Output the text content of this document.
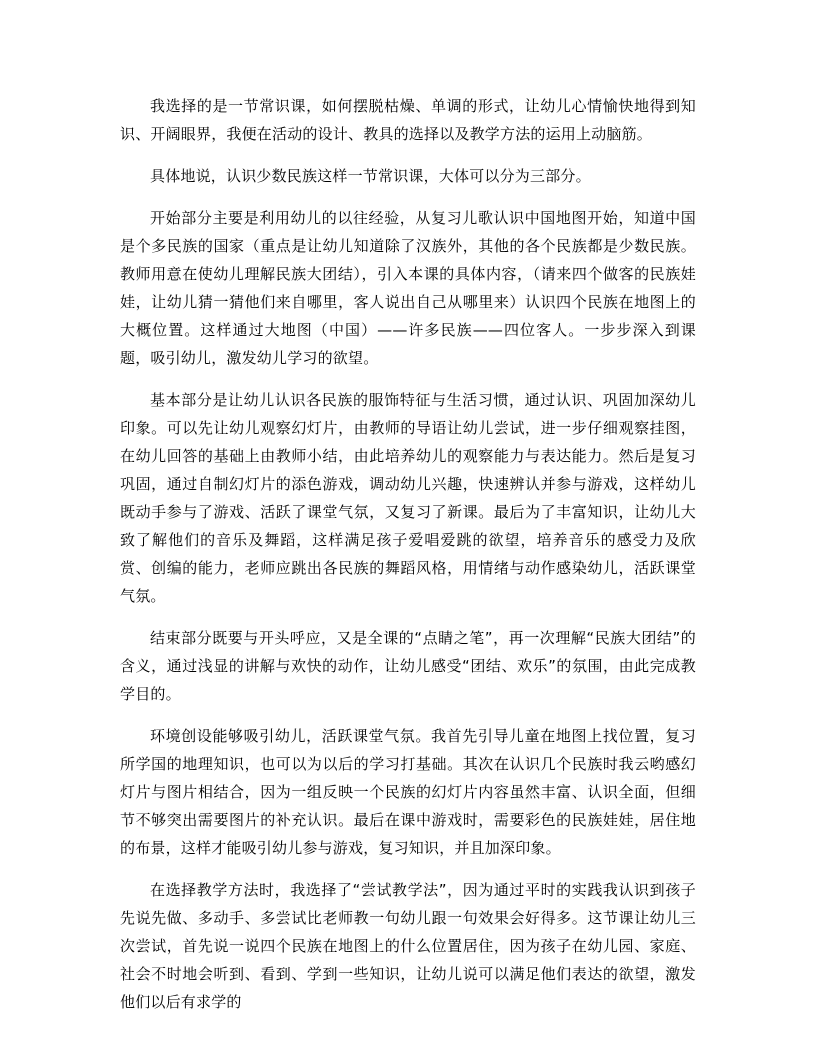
我选择的是一节常识课，如何摆脱枯燥、单调的形式，让幼儿心情愉快地得到知识、开阔眼界，我便在活动的设计、教具的选择以及教学方法的运用上动脑筋。

具体地说，认识少数民族这样一节常识课，大体可以分为三部分。

开始部分主要是利用幼儿的以往经验，从复习儿歌认识中国地图开始，知道中国是个多民族的国家（重点是让幼儿知道除了汉族外，其他的各个民族都是少数民族。教师用意在使幼儿理解民族大团结），引入本课的具体内容，（请来四个做客的民族娃娃，让幼儿猜一猜他们来自哪里，客人说出自己从哪里来）认识四个民族在地图上的大概位置。这样通过大地图（中国）——许多民族——四位客人。一步步深入到课题，吸引幼儿，激发幼儿学习的欲望。

基本部分是让幼儿认识各民族的服饰特征与生活习惯，通过认识、巩固加深幼儿印象。可以先让幼儿观察幻灯片，由教师的导语让幼儿尝试，进一步仔细观察挂图，在幼儿回答的基础上由教师小结，由此培养幼儿的观察能力与表达能力。然后是复习巩固，通过自制幻灯片的添色游戏，调动幼儿兴趣，快速辨认并参与游戏，这样幼儿既动手参与了游戏、活跃了课堂气氛，又复习了新课。最后为了丰富知识，让幼儿大致了解他们的音乐及舞蹈，这样满足孩子爱唱爱跳的欲望，培养音乐的感受力及欣赏、创编的能力，老师应跳出各民族的舞蹈风格，用情绪与动作感染幼儿，活跃课堂气氛。

结束部分既要与开头呼应，又是全课的“点睛之笔”，再一次理解“民族大团结”的含义，通过浅显的讲解与欢快的动作，让幼儿感受“团结、欢乐”的氛围，由此完成教学目的。

环境创设能够吸引幼儿，活跃课堂气氛。我首先引导儿童在地图上找位置，复习所学国的地理知识，也可以为以后的学习打基础。其次在认识几个民族时我云哟感幻灯片与图片相结合，因为一组反映一个民族的幻灯片内容虽然丰富、认识全面，但细节不够突出需要图片的补充认识。最后在课中游戏时，需要彩色的民族娃娃，居住地的布景，这样才能吸引幼儿参与游戏，复习知识，并且加深印象。

在选择教学方法时，我选择了“尝试教学法”，因为通过平时的实践我认识到孩子先说先做、多动手、多尝试比老师教一句幼儿跟一句效果会好得多。这节课让幼儿三次尝试，首先说一说四个民族在地图上的什么位置居住，因为孩子在幼儿园、家庭、社会不时地会听到、看到、学到一些知识，让幼儿说可以满足他们表达的欲望，激发他们以后有求学的
